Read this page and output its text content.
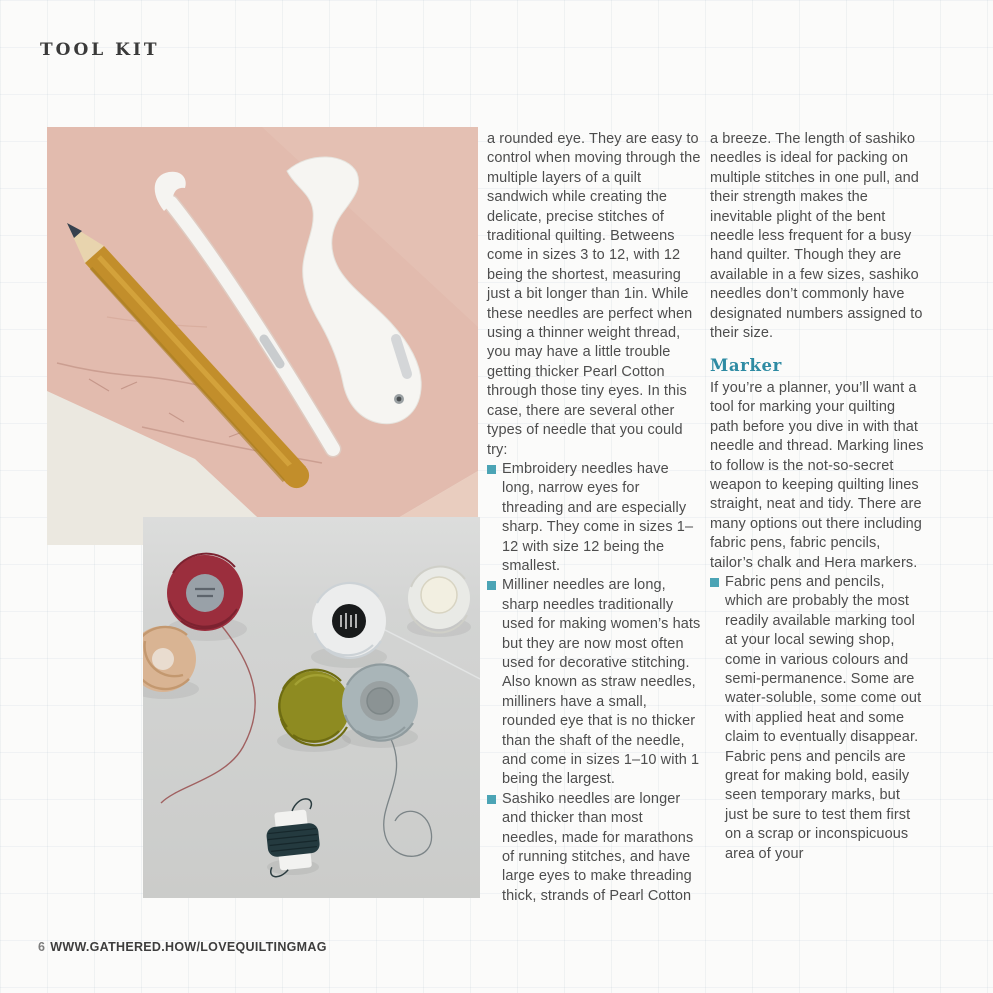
TOOL KIT

a rounded eye. They are easy to control when moving through the multiple layers of a quilt sandwich while creating the delicate, precise stitches of traditional quilting. Betweens come in sizes 3 to 12, with 12 being the shortest, measuring just a bit longer than 1in. While these needles are perfect when using a thinner weight thread, you may have a little trouble getting thicker Pearl Cotton through those tiny eyes. In this case, there are several other types of needle that you could try:

Embroidery needles have long, narrow eyes for threading and are especially sharp. They come in sizes 1–12 with size 12 being the smallest.
Milliner needles are long, sharp needles traditionally used for making women’s hats but they are now most often used for decorative stitching. Also known as straw needles, milliners have a small, rounded eye that is no thicker than the shaft of the needle, and come in sizes 1–10 with 1 being the largest.
Sashiko needles are longer and thicker than most needles, made for marathons of running stitches, and have large eyes to make threading thick, strands of Pearl Cotton

a breeze. The length of sashiko needles is ideal for packing on multiple stitches in one pull, and their strength makes the inevitable plight of the bent needle less frequent for a busy hand quilter. Though they are available in a few sizes, sashiko needles don’t commonly have designated numbers assigned to their size.

Marker

If you’re a planner, you’ll want a tool for marking your quilting path before you dive in with that needle and thread. Marking lines to follow is the not-so-secret weapon to keeping quilting lines straight, neat and tidy. There are many options out there including fabric pens, fabric pencils, tailor’s chalk and Hera markers.

Fabric pens and pencils, which are probably the most readily available marking tool at your local sewing shop, come in various colours and semi-permanence. Some are water-soluble, some come out with applied heat and some claim to eventually disappear. Fabric pens and pencils are great for making bold, easily seen temporary marks, but just be sure to test them first on a scrap or inconspicuous area of your
6 WWW.GATHERED.HOW/LOVEQUILTINGMAG
